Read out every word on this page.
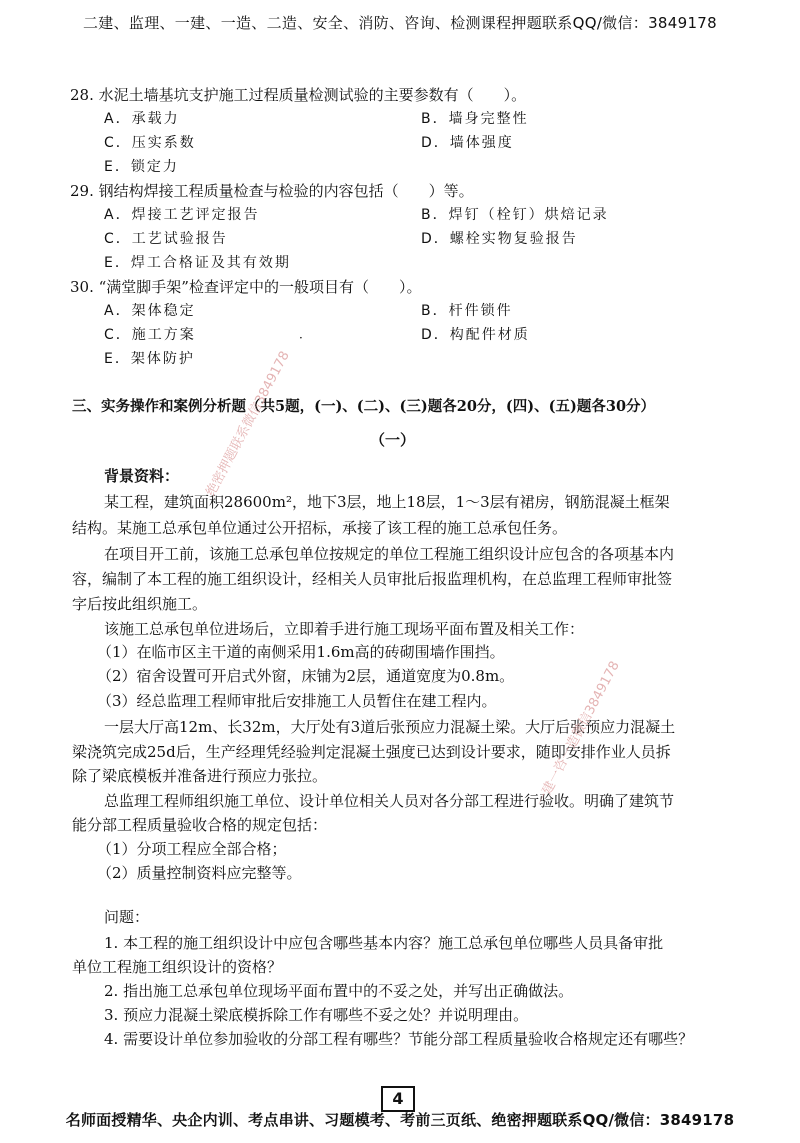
二建、监理、一建、一造、二造、安全、消防、咨询、检测课程押题联系QQ/微信：3849178
28. 水泥土墙基坑支护施工过程质量检测试验的主要参数有（　　）。
A．承载力	B．墙身完整性
C．压实系数	D．墙体强度
E．锁定力
29. 钢结构焊接工程质量检查与检验的内容包括（　　）等。
A．焊接工艺评定报告	B．焊钉（栓钉）烘焙记录
C．工艺试验报告	D．螺栓实物复验报告
E．焊工合格证及其有效期
30. “满堂脚手架”检查评定中的一般项目有（　　）。
A．架体稳定	B．杆件锁件
C．施工方案	D．构配件材质
E．架体防护
·
三、实务操作和案例分析题（共5题，(一)、(二)、(三)题各20分，(四)、(五)题各30分）
（一）
背景资料：
某工程，建筑面积28600m²，地下3层，地上18层，1～3层有裙房，钢筋混凝土框架
结构。某施工总承包单位通过公开招标，承接了该工程的施工总承包任务。
在项目开工前，该施工总承包单位按规定的单位工程施工组织设计应包含的各项基本内
容，编制了本工程的施工组织设计，经相关人员审批后报监理机构，在总监理工程师审批签
字后按此组织施工。
该施工总承包单位进场后，立即着手进行施工现场平面布置及相关工作：
（1）在临市区主干道的南侧采用1.6m高的砖砌围墙作围挡。
（2）宿舍设置可开启式外窗，床铺为2层，通道宽度为0.8m。
（3）经总监理工程师审批后安排施工人员暂住在建工程内。
一层大厅高12m、长32m，大厅处有3道后张预应力混凝土梁。大厅后张预应力混凝土
梁浇筑完成25d后，生产经理凭经验判定混凝土强度已达到设计要求，随即安排作业人员拆
除了梁底模板并准备进行预应力张拉。
总监理工程师组织施工单位、设计单位相关人员对各分部工程进行验收。明确了建筑节
能分部工程质量验收合格的规定包括：
（1）分项工程应全部合格；
（2）质量控制资料应完整等。
问题：
1. 本工程的施工组织设计中应包含哪些基本内容？施工总承包单位哪些人员具备审批
单位工程施工组织设计的资格？
2. 指出施工总承包单位现场平面布置中的不妥之处，并写出正确做法。
3. 预应力混凝土梁底模拆除工作有哪些不妥之处？并说明理由。
4. 需要设计单位参加验收的分部工程有哪些？节能分部工程质量验收合格规定还有哪些？
绝密押题联系微信3849178
一建一咨一造微信3849178
4
名师面授精华、央企内训、考点串讲、习题模考、考前三页纸、绝密押题联系QQ/微信：3849178
